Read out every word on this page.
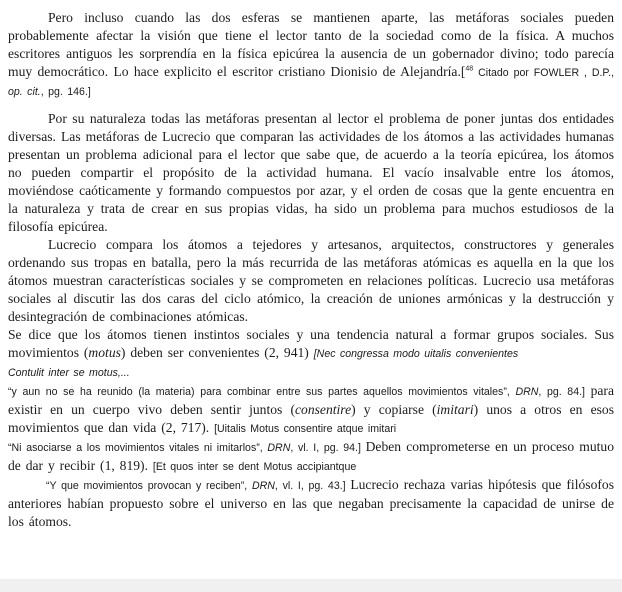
Pero incluso cuando las dos esferas se mantienen aparte, las metáforas sociales pueden probablemente afectar la visión que tiene el lector tanto de la sociedad como de la física. A muchos escritores antiguos les sorprendía en la física epicúrea la ausencia de un gobernador divino; todo parecía muy democrático. Lo hace explicito el escritor cristiano Dionisio de Alejandría.[$^{48}$ Citado por FOWLER , D.P., op. cit., pg. 146.]

Por su naturaleza todas las metáforas presentan al lector el problema de poner juntas dos entidades diversas. Las metáforas de Lucrecio que comparan las actividades de los átomos a las actividades humanas presentan un problema adicional para el lector que sabe que, de acuerdo a la teoría epicúrea, los átomos no pueden compartir el propósito de la actividad humana. El vacío insalvable entre los átomos, moviéndose caóticamente y formando compuestos por azar, y el orden de cosas que la gente encuentra en la naturaleza y trata de crear en sus propias vidas, ha sido un problema para muchos estudiosos de la filosofía epicúrea.

Lucrecio compara los átomos a tejedores y artesanos, arquitectos, constructores y generales ordenando sus tropas en batalla, pero la más recurrida de las metáforas atómicas es aquella en la que los átomos muestran características sociales y se comprometen en relaciones políticas. Lucrecio usa metáforas sociales al discutir las dos caras del ciclo atómico, la creación de uniones armónicas y la destrucción y desintegración de combinaciones atómicas.

Se dice que los átomos tienen instintos sociales y una tendencia natural a formar grupos sociales. Sus movimientos (motus) deben ser convenientes (2, 941) [Nec congressa modo uitalis convenientes
Contulit inter se motus,...
“y aun no se ha reunido (la materia) para combinar entre sus partes aquellos movimientos vitales”, DRN, pg. 84.] para existir en un cuerpo vivo deben sentir juntos (consentire) y copiarse (imitari) unos a otros en esos movimientos que dan vida (2, 717). [Uitalis Motus consentire atque imitari
“Ni asociarse a los movimientos vitales ni imitarlos”, DRN, vl. I, pg. 94.] Deben comprometerse en un proceso mutuo de dar y recibir (1, 819). [Et quos inter se dent Motus accipiantque
“Y que movimientos provocan y reciben”, DRN, vl. I, pg. 43.] Lucrecio rechaza varias hipótesis que filósofos anteriores habían propuesto sobre el universo en las que negaban precisamente la capacidad de unirse de los átomos.
